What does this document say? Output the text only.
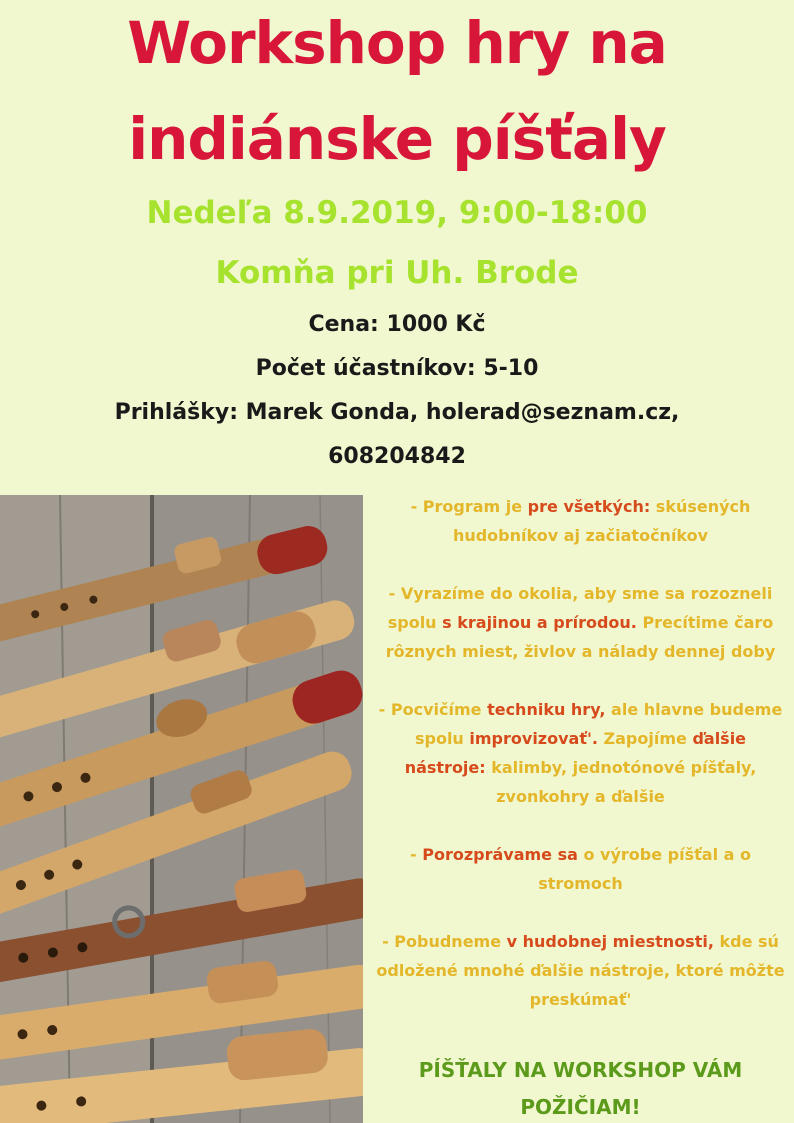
Workshop hry na
indiánske píšťaly
Nedeľa 8.9.2019, 9:00-18:00
Komňa pri Uh. Brode
Cena: 1000 Kč
Počet účastníkov: 5-10
Prihlášky: Marek Gonda, holerad@seznam.cz,
608204842
- Program je pre všetkých: skúsených hudobníkov aj začiatočníkov
- Vyrazíme do okolia, aby sme sa rozozneli spolu s krajinou a prírodou. Precítime čaro rôznych miest, živlov a nálady dennej doby
- Pocvičíme techniku hry, ale hlavne budeme spolu improvizovať'. Zapojíme ďalšie nástroje: kalimby, jednotónové píšťaly, zvonkohry a ďalšie
- Porozprávame sa o výrobe píšťal a o stromoch
- Pobudneme v hudobnej miestnosti, kde sú odložené mnohé ďalšie nástroje, ktoré môžte preskúmať'
PÍŠŤALY NA WORKSHOP VÁM
POŽIČIAM!
